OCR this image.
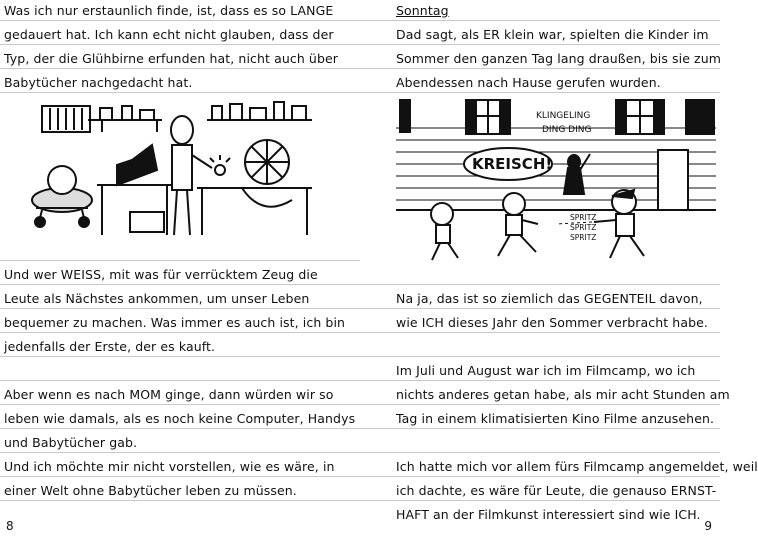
Was ich nur erstaunlich finde, ist, dass es so LANGE
gedauert hat. Ich kann echt nicht glauben, dass der
Typ, der die Glühbirne erfunden hat, nicht auch über
Babytücher nachgedacht hat.
Und wer WEISS, mit was für verrücktem Zeug die
Leute als Nächstes ankommen, um unser Leben
bequemer zu machen. Was immer es auch ist, ich bin
jedenfalls der Erste, der es kauft.
Aber wenn es nach MOM ginge, dann würden wir so
leben wie damals, als es noch keine Computer, Handys
und Babytücher gab.
Und ich möchte mir nicht vorstellen, wie es wäre, in
einer Welt ohne Babytücher leben zu müssen.
8
Sonntag
Dad sagt, als ER klein war, spielten die Kinder im
Sommer den ganzen Tag lang draußen, bis sie zum
Abendessen nach Hause gerufen wurden.
KLINGELING
DING DING
KREISCH!
SPRITZ
SPRITZ
SPRITZ
Na ja, das ist so ziemlich das GEGENTEIL davon,
wie ICH dieses Jahr den Sommer verbracht habe.
Im Juli und August war ich im Filmcamp, wo ich
nichts anderes getan habe, als mir acht Stunden am
Tag in einem klimatisierten Kino Filme anzusehen.
Ich hatte mich vor allem fürs Filmcamp angemeldet, weil
ich dachte, es wäre für Leute, die genauso ERNST-
HAFT an der Filmkunst interessiert sind wie ICH.
9
